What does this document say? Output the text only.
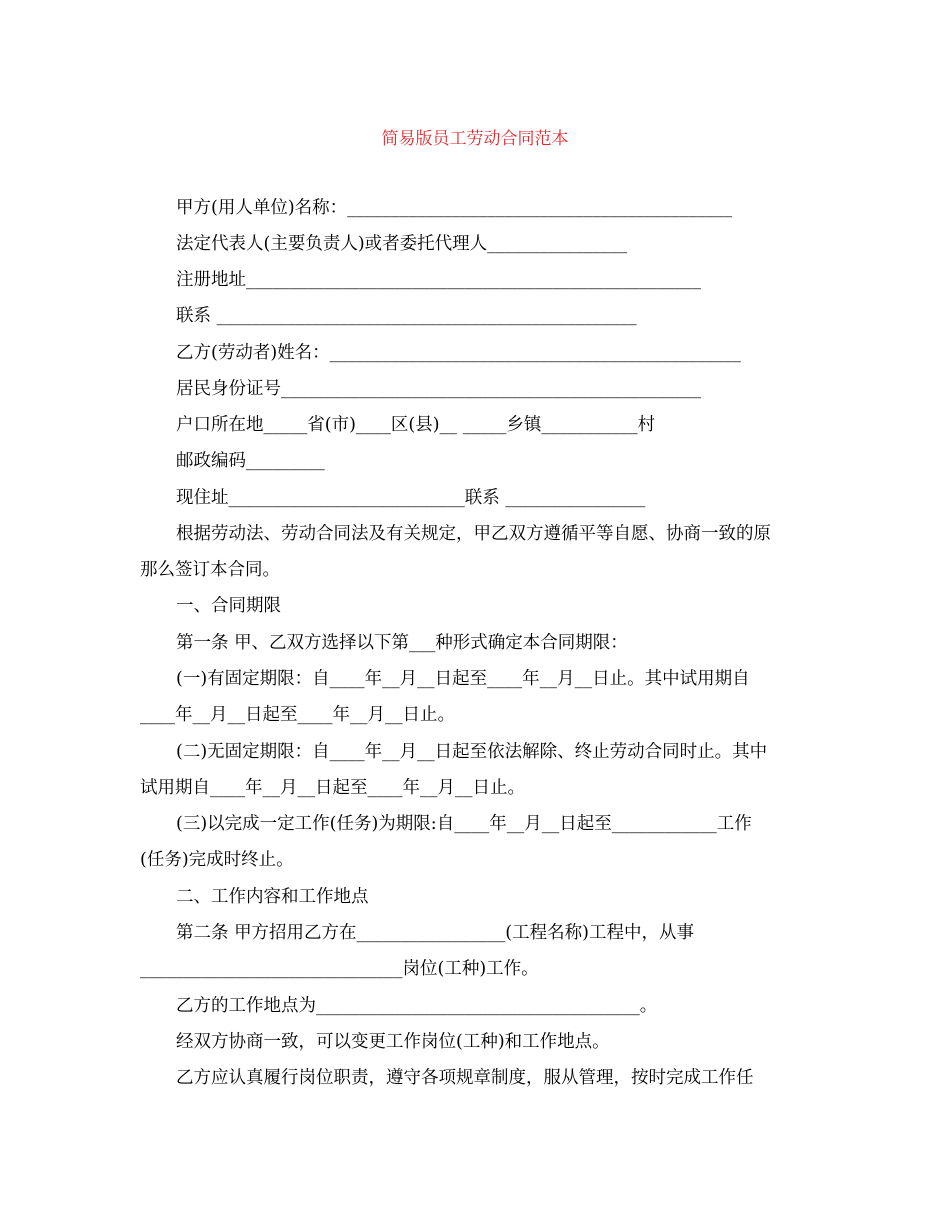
简易版员工劳动合同范本
甲方(用人单位)名称：____________________________________________
法定代表人(主要负责人)或者委托代理人________________
注册地址____________________________________________________
联系 ________________________________________________
乙方(劳动者)姓名：_______________________________________________
居民身份证号________________________________________________
户口所在地_____省(市)____区(县)__ _____乡镇___________村
邮政编码_________
现住址___________________________联系 ________________
根据劳动法、劳动合同法及有关规定，甲乙双方遵循平等自愿、协商一致的原
那么签订本合同。
一、合同期限
第一条 甲、乙双方选择以下第___种形式确定本合同期限：
(一)有固定期限：自____年__月__日起至____年__月__日止。其中试用期自
____年__月__日起至____年__月__日止。
(二)无固定期限：自____年__月__日起至依法解除、终止劳动合同时止。其中
试用期自____年__月__日起至____年__月__日止。
(三)以完成一定工作(任务)为期限:自____年__月__日起至____________工作
(任务)完成时终止。
二、工作内容和工作地点
第二条 甲方招用乙方在_________________(工程名称)工程中，从事
______________________________岗位(工种)工作。
乙方的工作地点为_____________________________________。
经双方协商一致，可以变更工作岗位(工种)和工作地点。
乙方应认真履行岗位职责，遵守各项规章制度，服从管理，按时完成工作任
